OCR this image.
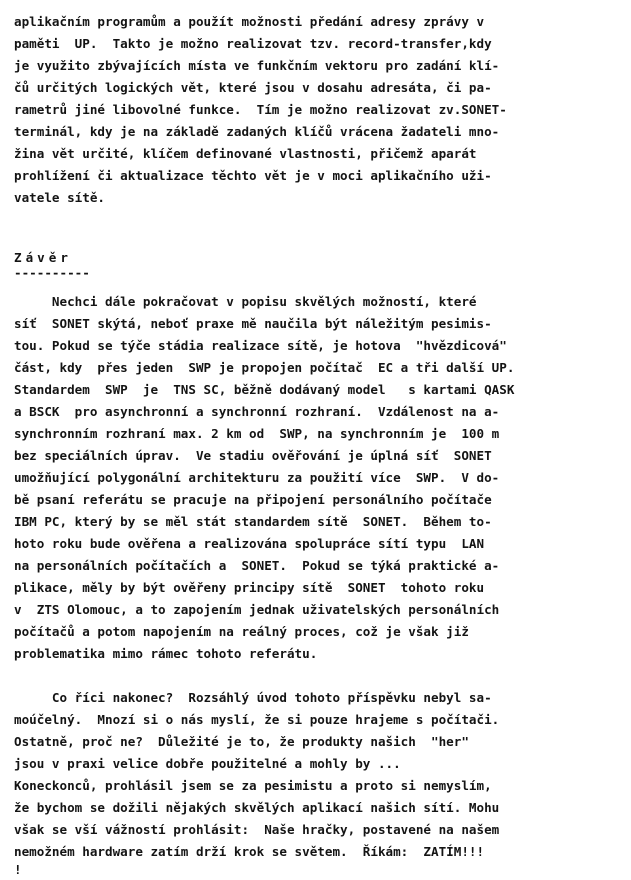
aplikačním programům a použít možnosti předání adresy zprávy v
paměti  UP.  Takto je možno realizovat tzv. record-transfer,kdy
je využito zbývajících místa ve funkčním vektoru pro zadání klí-
čů určitých logických vět, které jsou v dosahu adresáta, či pa-
rametrů jiné libovolné funkce.  Tím je možno realizovat zv.SONET-
terminál, kdy je na základě zadaných klíčů vrácena žadateli mno-
žina vět určité, klíčem definované vlastnosti, přičemž aparát
prohlížení či aktualizace těchto vět je v moci aplikačního uži-
vatele sítě.
Závěr
----------
Nechci dále pokračovat v popisu skvělých možností, které
síť  SONET skýtá, neboť praxe mě naučila být náležitým pesimis-
tou. Pokud se týče stádia realizace sítě, je hotova  "hvězdicová"
část, kdy  přes jeden  SWP je propojen počítač  EC a tři další UP.
Standardem  SWP  je  TNS SC, běžně dodávaný model   s kartami QASK
a BSCK  pro asynchronní a synchronní rozhraní.  Vzdálenost na a-
synchronním rozhraní max. 2 km od  SWP, na synchronním je  100 m
bez speciálních úprav.  Ve stadiu ověřování je úplná síť  SONET
umožňující polygonální architekturu za použití více  SWP.  V do-
bě psaní referátu se pracuje na připojení personálního počítače
IBM PC, který by se měl stát standardem sítě  SONET.  Během to-
hoto roku bude ověřena a realizována spolupráce sítí typu  LAN
na personálních počítačích a  SONET.  Pokud se týká praktické a-
plikace, měly by být ověřeny principy sítě  SONET  tohoto roku
v  ZTS Olomouc, a to zapojením jednak uživatelských personálních
počítačů a potom napojením na reálný proces, což je však již
problematika mimo rámec tohoto referátu.
Co říci nakonec?  Rozsáhlý úvod tohoto příspěvku nebyl sa-
moúčelný.  Mnozí si o nás myslí, že si pouze hrajeme s počítači.
Ostatně, proč ne?  Důležité je to, že produkty našich  "her"
jsou v praxi velice dobře použitelné a mohly by ...
Koneckonců, prohlásil jsem se za pesimistu a proto si nemyslím,
že bychom se dožili nějakých skvělých aplikací našich sítí. Mohu
však se vší vážností prohlásit:  Naše hračky, postavené na našem
nemožném hardware zatím drží krok se světem.  Říkám:  ZATÍM!!!
!
